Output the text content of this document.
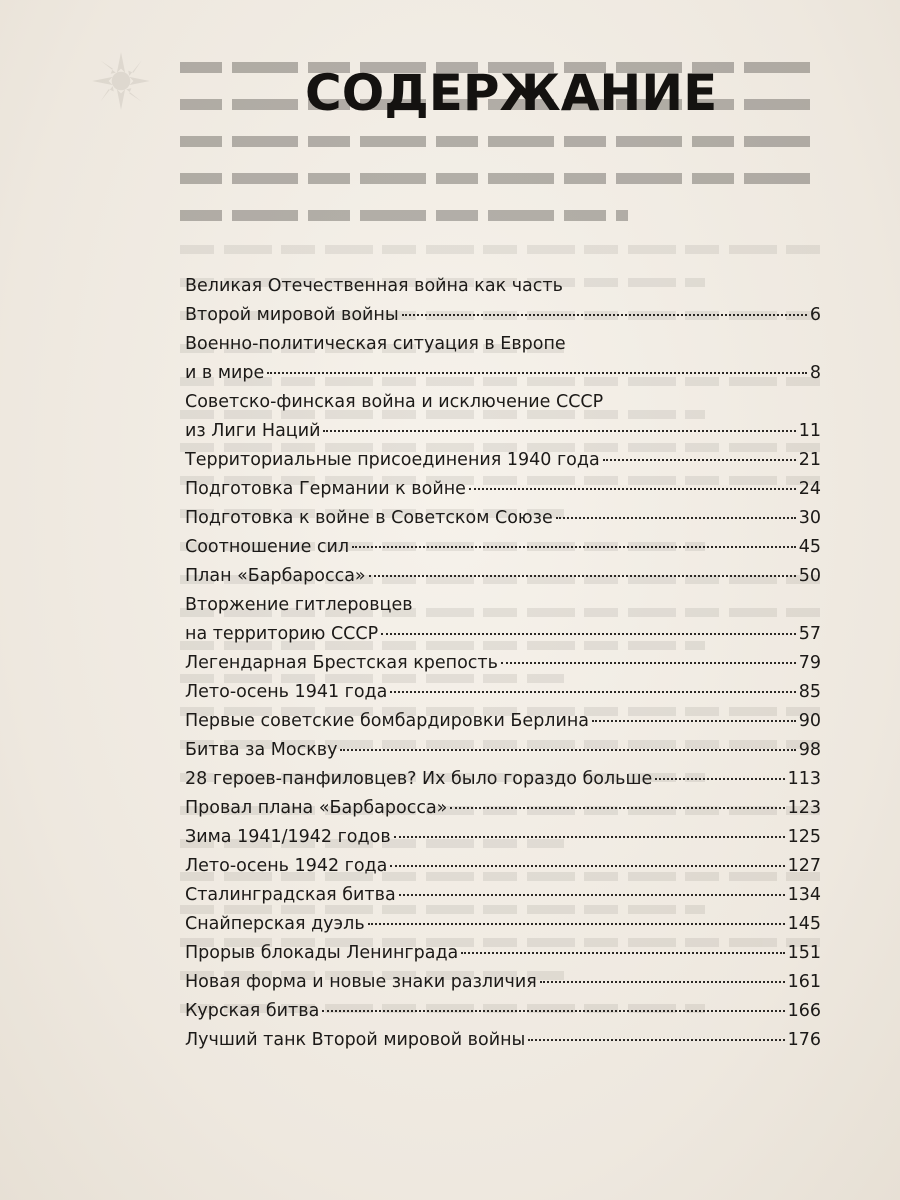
СОДЕРЖАНИЕ
Великая Отечественная война как часть
Второй мировой войны	6
Военно-политическая ситуация в Европе
и в мире	8
Советско-финская война и исключение СССР
из Лиги Наций	11
Территориальные присоединения 1940 года	21
Подготовка Германии к войне	24
Подготовка к войне в Советском Союзе	30
Соотношение сил	45
План «Барбаросса»	50
Вторжение гитлеровцев
на территорию СССР	57
Легендарная Брестская крепость	79
Лето-осень 1941 года	85
Первые советские бомбардировки Берлина	90
Битва за Москву	98
28 героев-панфиловцев? Их было гораздо больше	113
Провал плана «Барбаросса»	123
Зима 1941/1942 годов	125
Лето-осень 1942 года	127
Сталинградская битва	134
Снайперская дуэль	145
Прорыв блокады Ленинграда	151
Новая форма и новые знаки различия	161
Курская битва	166
Лучший танк Второй мировой войны	176
